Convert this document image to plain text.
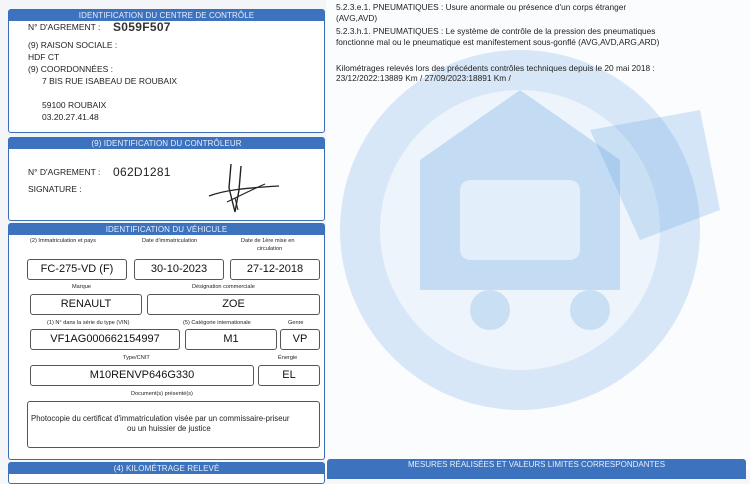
IDENTIFICATION DU CENTRE DE CONTRÔLE
N° D'AGREMENT : S059F507
(9) RAISON SOCIALE :
HDF CT
(9) COORDONNÉES :
7 BIS RUE ISABEAU DE ROUBAIX
59100 ROUBAIX
03.20.27.41.48
(9) IDENTIFICATION DU CONTRÔLEUR
N° D'AGREMENT : 062D1281
SIGNATURE :
IDENTIFICATION DU VÉHICULE
(2) Immatriculation et pays	Date d'immatriculation	Date de 1ère mise en
circulation
FC-275-VD (F)	30-10-2023	27-12-2018
Marque	Désignation commerciale
RENAULT	ZOE
(1) N° dans la série du type (VIN)	(5) Catégorie internationale	Genre
VF1AG000662154997	M1	VP
Type/CNIT	Énergie
M10RENVP646G330	EL
Document(s) présenté(s)
Photocopie du certificat d'immatriculation visée par un commissaire-priseur
ou un huissier de justice
(4) KILOMÉTRAGE RELEVÉ
5.2.3.e.1. PNEUMATIQUES : Usure anormale ou présence d'un corps étranger
(AVG,AVD)
5.2.3.h.1. PNEUMATIQUES : Le système de contrôle de la pression des pneumatiques
fonctionne mal ou le pneumatique est manifestement sous-gonflé (AVG,AVD,ARG,ARD)
Kilométrages relevés lors des précédents contrôles techniques depuis le 20 mai 2018 :
23/12/2022:13889 Km / 27/09/2023:18891 Km /
MESURES RÉALISÉES ET VALEURS LIMITES CORRESPONDANTES
